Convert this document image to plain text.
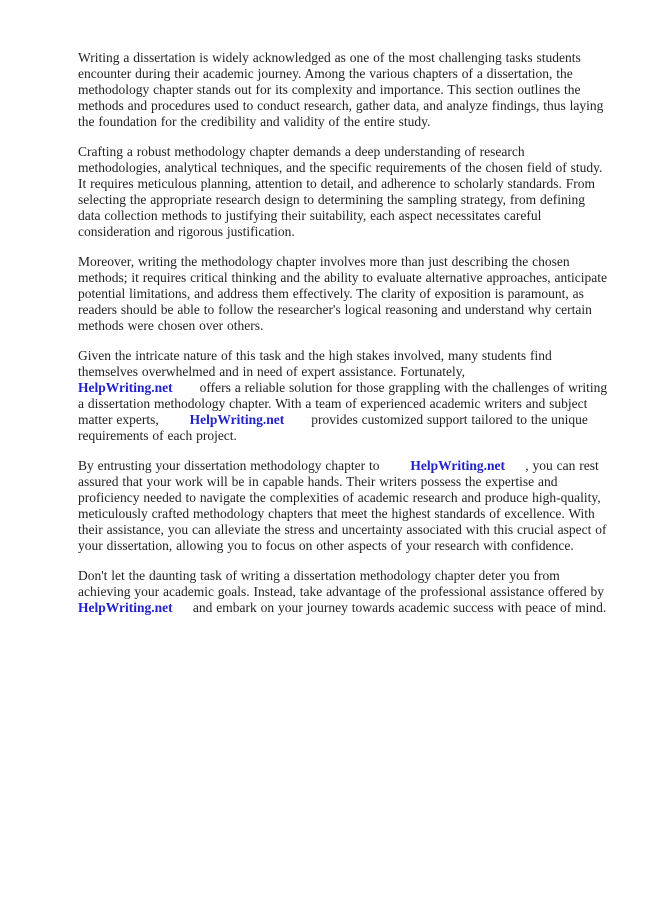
Writing a dissertation is widely acknowledged as one of the most challenging tasks students encounter during their academic journey. Among the various chapters of a dissertation, the methodology chapter stands out for its complexity and importance. This section outlines the methods and procedures used to conduct research, gather data, and analyze findings, thus laying the foundation for the credibility and validity of the entire study.

Crafting a robust methodology chapter demands a deep understanding of research methodologies, analytical techniques, and the specific requirements of the chosen field of study. It requires meticulous planning, attention to detail, and adherence to scholarly standards. From selecting the appropriate research design to determining the sampling strategy, from defining data collection methods to justifying their suitability, each aspect necessitates careful consideration and rigorous justification.

Moreover, writing the methodology chapter involves more than just describing the chosen methods; it requires critical thinking and the ability to evaluate alternative approaches, anticipate potential limitations, and address them effectively. The clarity of exposition is paramount, as readers should be able to follow the researcher's logical reasoning and understand why certain methods were chosen over others.

Given the intricate nature of this task and the high stakes involved, many students find themselves overwhelmed and in need of expert assistance. Fortunately,   HelpWriting.net  offers a reliable solution for those grappling with the challenges of writing a dissertation methodology chapter. With a team of experienced academic writers and subject matter experts,   HelpWriting.net  provides customized support tailored to the unique requirements of each project.

By entrusting your dissertation methodology chapter to   HelpWriting.net  , you can rest assured that your work will be in capable hands. Their writers possess the expertise and proficiency needed to navigate the complexities of academic research and produce high-quality, meticulously crafted methodology chapters that meet the highest standards of excellence. With their assistance, you can alleviate the stress and uncertainty associated with this crucial aspect of your dissertation, allowing you to focus on other aspects of your research with confidence.

Don't let the daunting task of writing a dissertation methodology chapter deter you from achieving your academic goals. Instead, take advantage of the professional assistance offered by HelpWriting.net  and embark on your journey towards academic success with peace of mind.
